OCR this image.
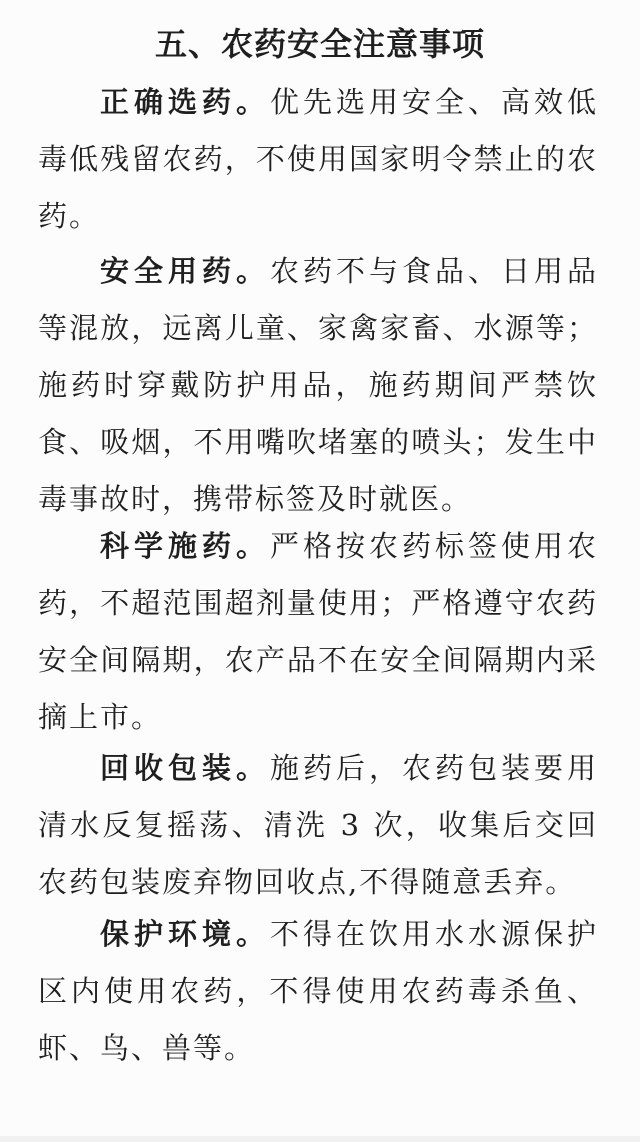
五、农药安全注意事项
正确选药。优先选用安全、高效低毒低残留农药，不使用国家明令禁止的农药。
安全用药。农药不与食品、日用品等混放，远离儿童、家禽家畜、水源等；施药时穿戴防护用品，施药期间严禁饮食、吸烟，不用嘴吹堵塞的喷头；发生中毒事故时，携带标签及时就医。
科学施药。严格按农药标签使用农药，不超范围超剂量使用；严格遵守农药安全间隔期，农产品不在安全间隔期内采摘上市。
回收包装。施药后，农药包装要用清水反复摇荡、清洗 3 次，收集后交回农药包装废弃物回收点,不得随意丢弃。
保护环境。不得在饮用水水源保护区内使用农药，不得使用农药毒杀鱼、虾、鸟、兽等。
